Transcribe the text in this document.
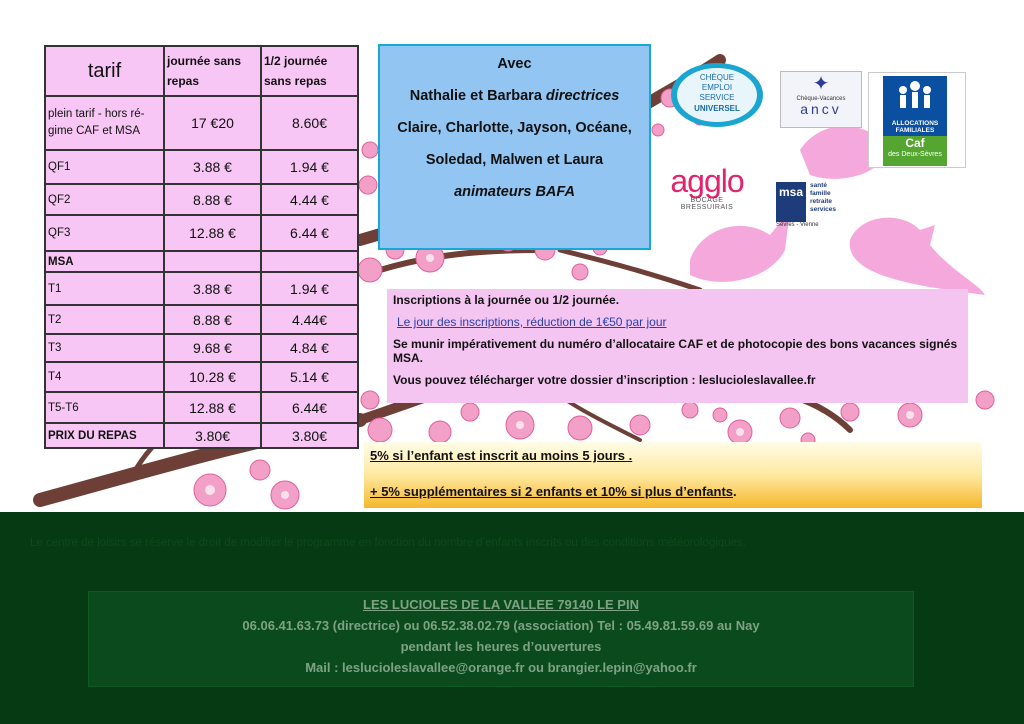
tarif	journée sans repas	1/2 journée sans repas
plein tarif - hors ré-gime CAF et MSA	17 €20	8.60€
QF1	3.88 €	1.94 €
QF2	8.88 €	4.44 €
QF3	12.88 €	6.44 €
MSA		
T1	3.88 €	1.94 €
T2	8.88 €	4.44€
T3	9.68 €	4.84 €
T4	10.28 €	5.14 €
T5-T6	12.88 €	6.44€
PRIX DU REPAS	3.80€	3.80€
Avec
Nathalie et Barbara directrices
Claire, Charlotte, Jayson, Océane,
Soledad, Malwen et Laura
animateurs BAFA
CHÈQUE
EMPLOI
SERVICE
UNIVERSEL
✦
Chèque-Vacances
ancv
ALLOCATIONS FAMILIALES
Caf
des Deux-Sèvres
agglo
BOCAGE BRESSUIRAIS
msa	santé
famille
retraite
services
Sèvres - Vienne

Inscriptions à la journée ou 1/2 journée.

Le jour des inscriptions, réduction de 1€50 par jour

Se munir impérativement du numéro d’allocataire CAF et de photocopie des bons vacances signés MSA.

Vous pouvez télécharger votre dossier d’inscription : leslucioleslavallee.fr

5% si l’enfant est inscrit au moins 5 jours .

+ 5% supplémentaires si 2 enfants et 10% si plus d’enfants.

Le centre de loisirs se réserve le droit de modifier le programme en fonction du nombre d’enfants inscrits ou des conditions météorologiques.
LES LUCIOLES DE LA VALLEE 79140 LE PIN
06.06.41.63.73 (directrice) ou 06.52.38.02.79 (association) Tel : 05.49.81.59.69 au Nay
pendant les heures d’ouvertures
Mail : leslucioleslavallee@orange.fr ou brangier.lepin@yahoo.fr
